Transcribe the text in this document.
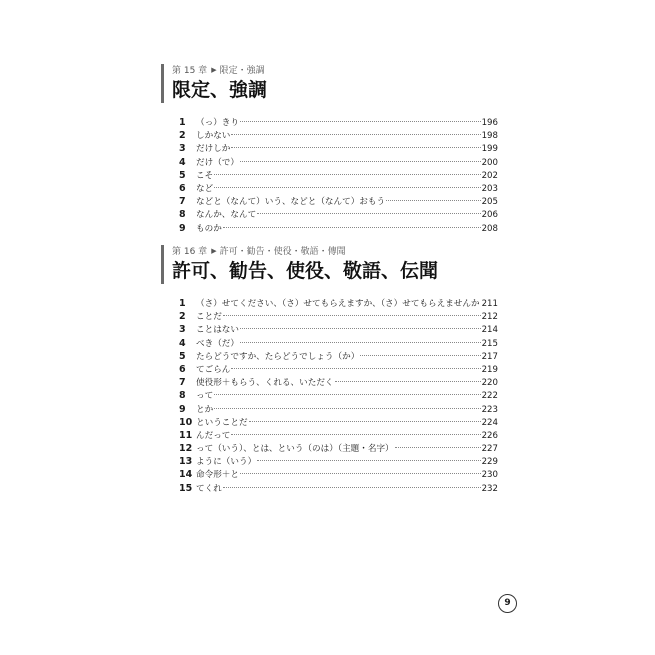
第 15 章 ▶ 限定・強調
限定、強調
1	（っ）きり	196
2	しかない	198
3	だけしか	199
4	だけ（で）	200
5	こそ	202
6	など	203
7	などと（なんて）いう、などと（なんて）おもう	205
8	なんか、なんて	206
9	ものか	208
第 16 章 ▶ 許可・勧告・使役・敬語・傳聞
許可、勧告、使役、敬語、伝聞
1	（さ）せてください、（さ）せてもらえますか、（さ）せてもらえませんか 211
2	ことだ	212
3	ことはない	214
4	べき（だ）	215
5	たらどうですか、たらどうでしょう（か）	217
6	てごらん	219
7	使役形＋もらう、くれる、いただく	220
8	って	222
9	とか	223
10 ということだ	224
11 んだって	226
12 って（いう）、とは、という（のは）（主題・名字）	227
13 ように（いう）	229
14 命令形＋と	230
15 てくれ	232
9
